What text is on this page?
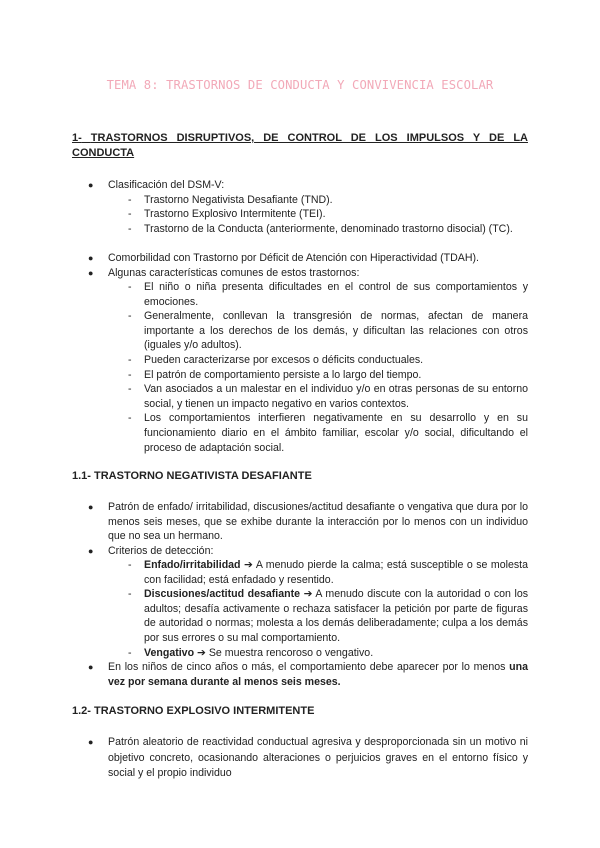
TEMA 8: TRASTORNOS DE CONDUCTA Y CONVIVENCIA ESCOLAR
1- TRASTORNOS DISRUPTIVOS, DE CONTROL DE LOS IMPULSOS Y DE LA
CONDUCTA
● Clasificación del DSM-V:
- Trastorno Negativista Desafiante (TND).
- Trastorno Explosivo Intermitente (TEI).
- Trastorno de la Conducta (anteriormente, denominado trastorno disocial) (TC).
● Comorbilidad con Trastorno por Déficit de Atención con Hiperactividad (TDAH).
● Algunas características comunes de estos trastornos:
- El niño o niña presenta dificultades en el control de sus comportamientos y emociones.
- Generalmente, conllevan la transgresión de normas, afectan de manera importante a los derechos de los demás, y dificultan las relaciones con otros (iguales y/o adultos).
- Pueden caracterizarse por excesos o déficits conductuales.
- El patrón de comportamiento persiste a lo largo del tiempo.
- Van asociados a un malestar en el individuo y/o en otras personas de su entorno social, y tienen un impacto negativo en varios contextos.
- Los comportamientos interfieren negativamente en su desarrollo y en su funcionamiento diario en el ámbito familiar, escolar y/o social, dificultando el proceso de adaptación social.
1.1- TRASTORNO NEGATIVISTA DESAFIANTE
● Patrón de enfado/ irritabilidad, discusiones/actitud desafiante o vengativa que dura por lo menos seis meses, que se exhibe durante la interacción por lo menos con un individuo que no sea un hermano.
● Criterios de detección:
- Enfado/irritabilidad ➔ A menudo pierde la calma; está susceptible o se molesta con facilidad; está enfadado y resentido.
- Discusiones/actitud desafiante ➔ A menudo discute con la autoridad o con los adultos; desafía activamente o rechaza satisfacer la petición por parte de figuras de autoridad o normas; molesta a los demás deliberadamente; culpa a los demás por sus errores o su mal comportamiento.
- Vengativo ➔ Se muestra rencoroso o vengativo.
● En los niños de cinco años o más, el comportamiento debe aparecer por lo menos una vez por semana durante al menos seis meses.
1.2- TRASTORNO EXPLOSIVO INTERMITENTE
● Patrón aleatorio de reactividad conductual agresiva y desproporcionada sin un motivo ni objetivo concreto, ocasionando alteraciones o perjuicios graves en el entorno físico y social y el propio individuo
